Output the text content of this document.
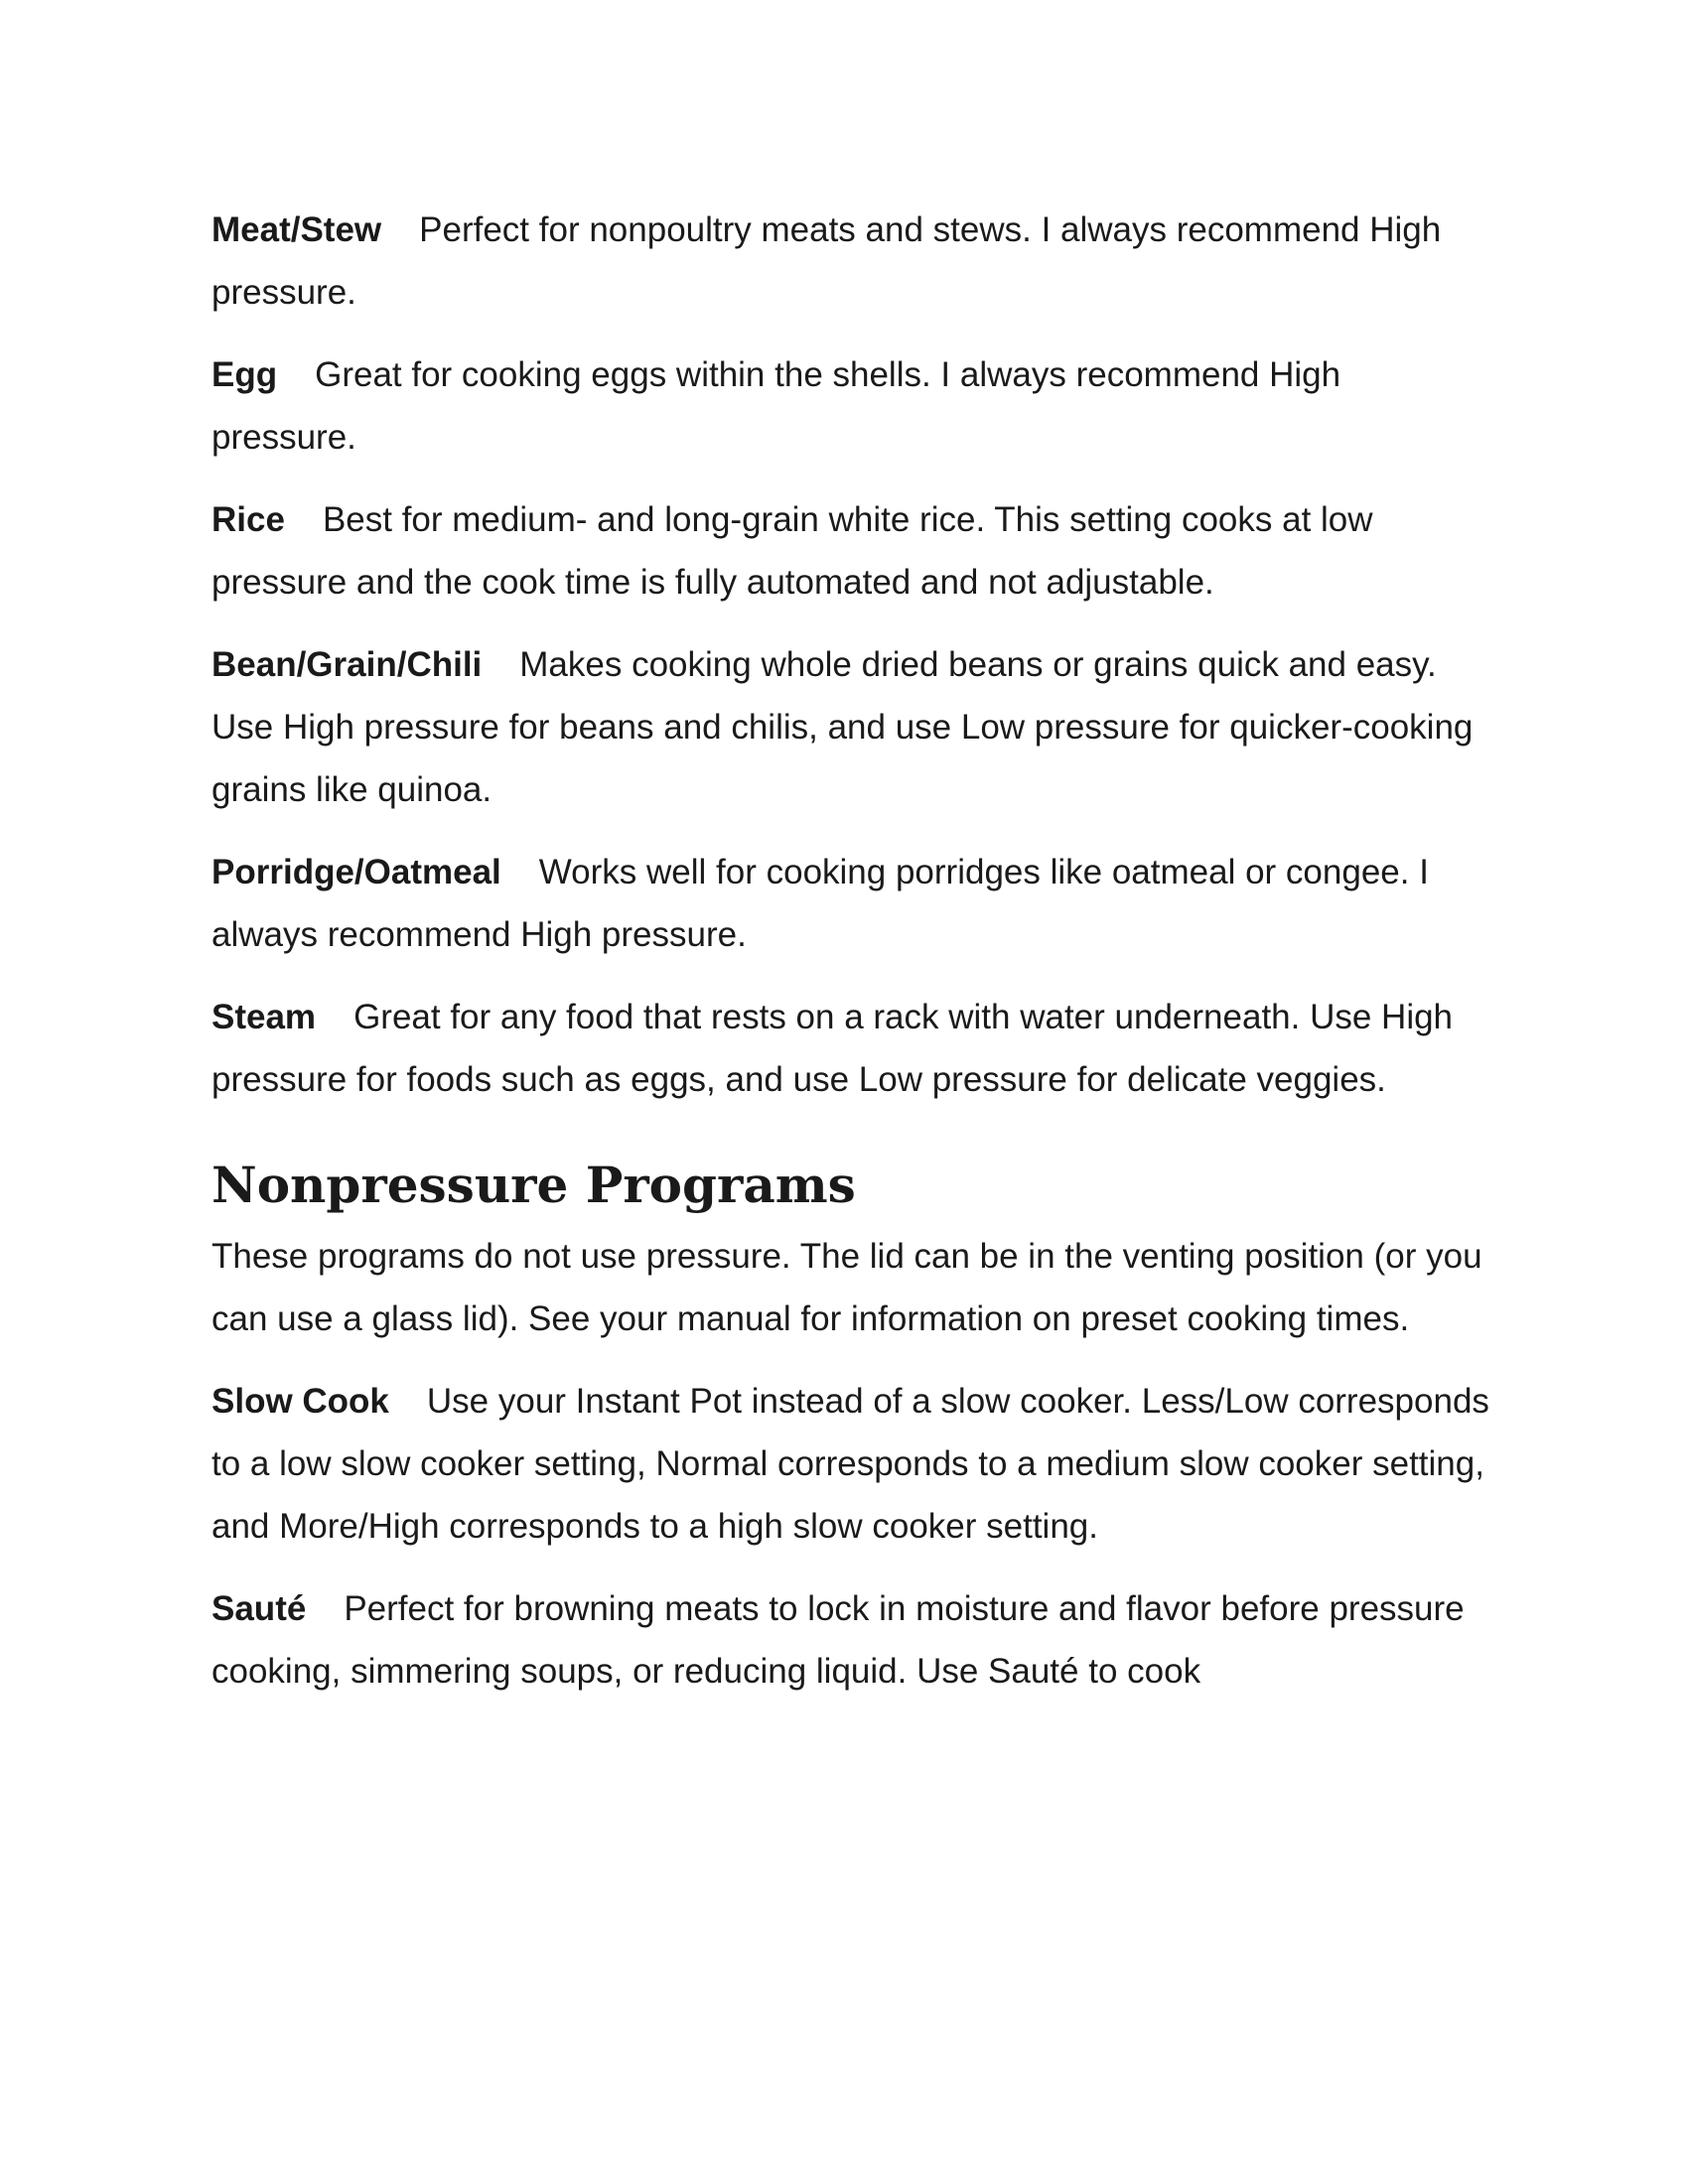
Meat/Stew Perfect for nonpoultry meats and stews. I always recommend High pressure.

Egg Great for cooking eggs within the shells. I always recommend High pressure.

Rice Best for medium- and long-grain white rice. This setting cooks at low pressure and the cook time is fully automated and not adjustable.

Bean/Grain/Chili Makes cooking whole dried beans or grains quick and easy. Use High pressure for beans and chilis, and use Low pressure for quicker-cooking grains like quinoa.

Porridge/Oatmeal Works well for cooking porridges like oatmeal or congee. I always recommend High pressure.

Steam Great for any food that rests on a rack with water underneath. Use High pressure for foods such as eggs, and use Low pressure for delicate veggies.

Nonpressure Programs

These programs do not use pressure. The lid can be in the venting position (or you can use a glass lid). See your manual for information on preset cooking times.

Slow Cook Use your Instant Pot instead of a slow cooker. Less/Low corresponds to a low slow cooker setting, Normal corresponds to a medium slow cooker setting, and More/High corresponds to a high slow cooker setting.

Sauté Perfect for browning meats to lock in moisture and flavor before pressure cooking, simmering soups, or reducing liquid. Use Sauté to cook
